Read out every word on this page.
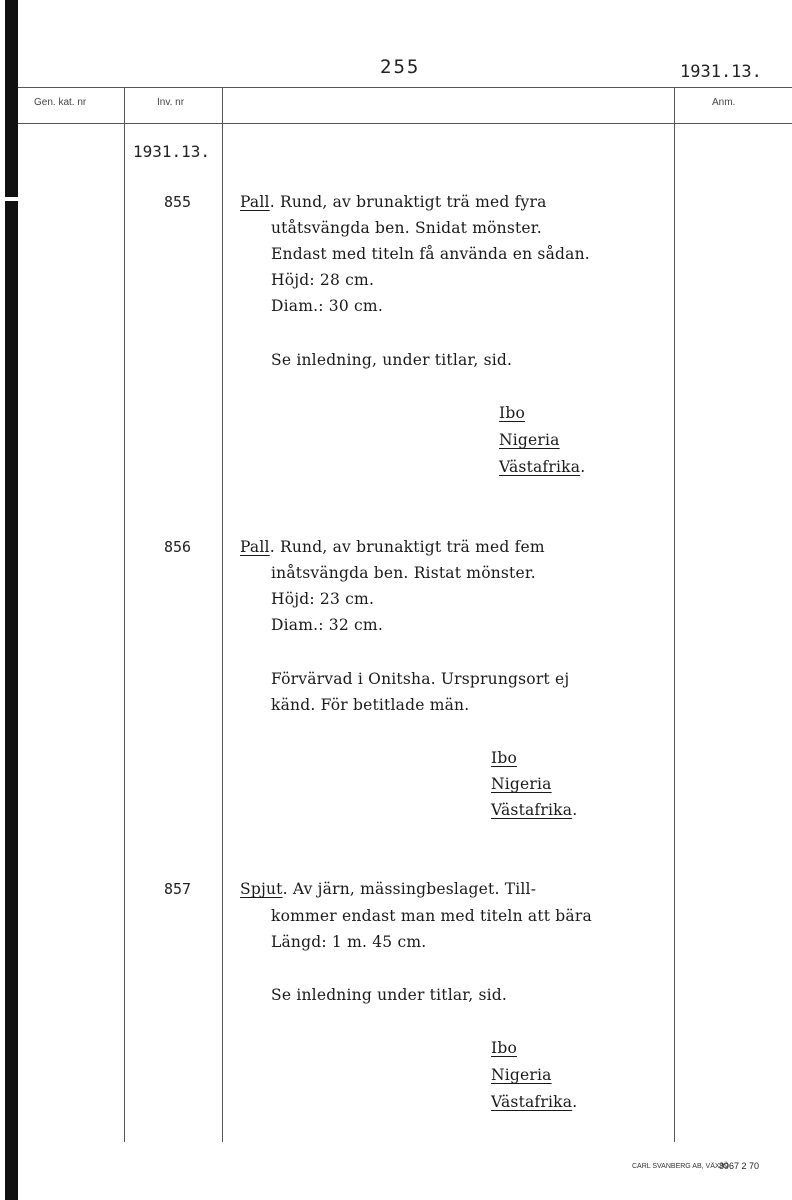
255	1931.13.
Gen. kat. nr	Inv. nr	Anm.
1931.13.
855	Pall. Rund, av brunaktigt trä med fyra
utåtsvängda ben. Snidat mönster.
Endast med titeln få använda en sådan.
Höjd: 28 cm.
Diam.: 30 cm.
Se inledning, under titlar, sid.
Ibo
Nigeria
Västafrika.
856	Pall. Rund, av brunaktigt trä med fem
inåtsvängda ben. Ristat mönster.
Höjd: 23 cm.
Diam.: 32 cm.
Förvärvad i Onitsha. Ursprungsort ej
känd. För betitlade män.
Ibo
Nigeria
Västafrika.
857	Spjut. Av järn, mässingbeslaget. Till-
kommer endast man med titeln att bära
Längd: 1 m. 45 cm.
Se inledning under titlar, sid.
Ibo
Nigeria
Västafrika.
CARL SVANBERG AB, VÄXJÖ
8967 2 70
